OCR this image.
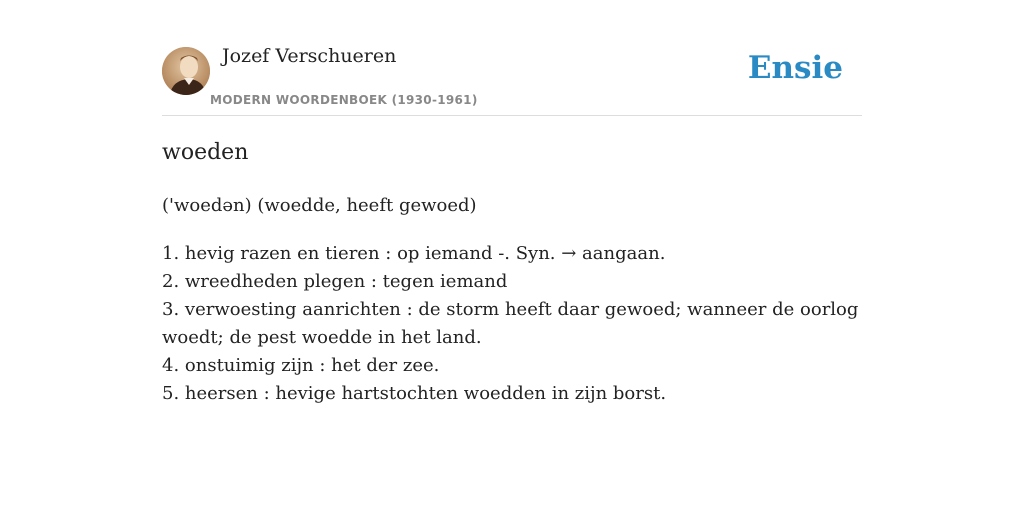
Jozef Verschueren
MODERN WOORDENBOEK (1930-1961)
Ensie
woeden
('woedən) (woedde, heeft gewoed)
1. hevig razen en tieren : op iemand -. Syn. → aangaan.
2. wreedheden plegen : tegen iemand
3. verwoesting aanrichten : de storm heeft daar gewoed; wanneer de oorlog woedt; de pest woedde in het land.
4. onstuimig zijn : het der zee.
5. heersen : hevige hartstochten woedden in zijn borst.
